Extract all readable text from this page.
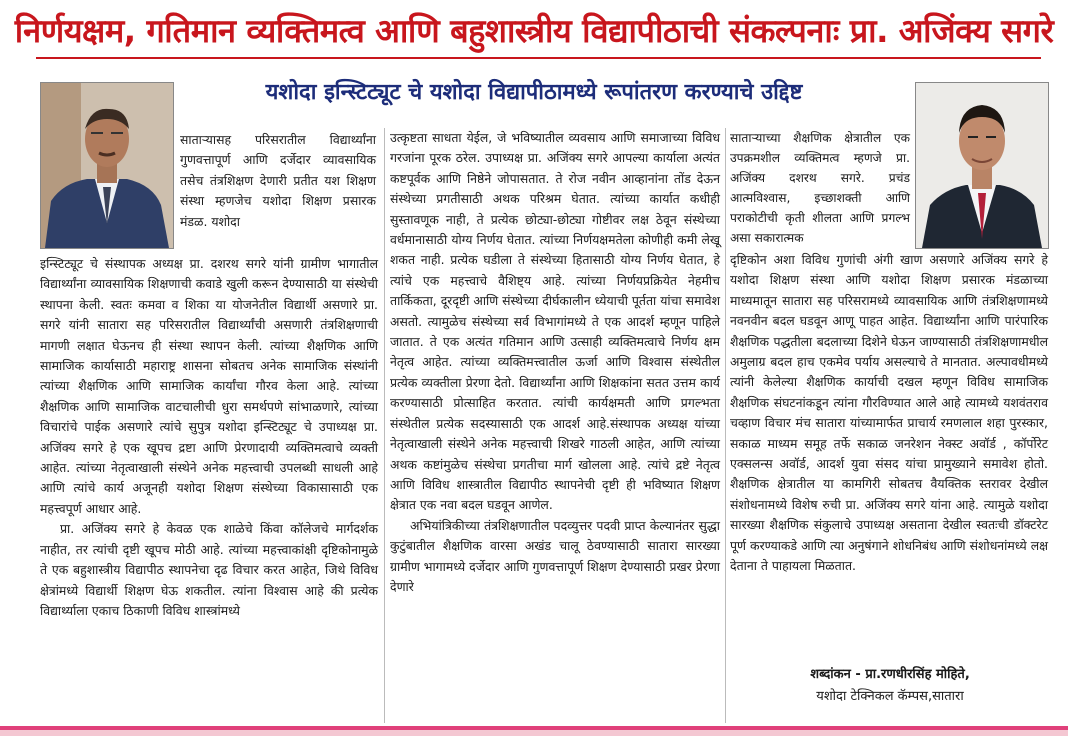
निर्णयक्षम, गतिमान व्यक्तिमत्व आणि बहुशास्त्रीय विद्यापीठाची संकल्पनाः प्रा. अजिंक्य सगरे
यशोदा इन्स्टिट्यूट चे यशोदा विद्यापीठामध्ये रूपांतरण करण्याचे उद्दिष्ट

साताऱ्यासह परिसरातील विद्यार्थ्यांना गुणवत्तापूर्ण आणि दर्जेदार व्यावसायिक तसेच तंत्रशिक्षण देणारी प्रतीत यश शिक्षण संस्था म्हणजेच यशोदा शिक्षण प्रसारक मंडळ. यशोदा

इन्स्टिट्यूट चे संस्थापक अध्यक्ष प्रा. दशरथ सगरे यांनी ग्रामीण भागातील विद्यार्थ्यांना व्यावसायिक शिक्षणाची कवाडे खुली करून देण्यासाठी या संस्थेची स्थापना केली. स्वतः कमवा व शिका या योजनेतील विद्यार्थी असणारे प्रा. सगरे यांनी सातारा सह परिसरातील विद्यार्थ्यांची असणारी तंत्रशिक्षणाची मागणी लक्षात घेऊनच ही संस्था स्थापन केली. त्यांच्या शैक्षणिक आणि सामाजिक कार्यासाठी महाराष्ट्र शासना सोबतच अनेक सामाजिक संस्थांनी त्यांच्या शैक्षणिक आणि सामाजिक कार्यांचा गौरव केला आहे. त्यांच्या शैक्षणिक आणि सामाजिक वाटचालीची धुरा समर्थपणे सांभाळणारे, त्यांच्या विचारांचे पाईक असणारे त्यांचे सुपुत्र यशोदा इन्स्टिट्यूट चे उपाध्यक्ष प्रा. अजिंक्य सगरे हे एक खूपच द्रष्टा आणि प्रेरणादायी व्यक्तिमत्वाचे व्यक्ती आहेत. त्यांच्या नेतृत्वाखाली संस्थेने अनेक महत्त्वाची उपलब्धी साधली आहे आणि त्यांचे कार्य अजूनही यशोदा शिक्षण संस्थेच्या विकासासाठी एक महत्त्वपूर्ण आधार आहे.

प्रा. अजिंक्य सगरे हे केवळ एक शाळेचे किंवा कॉलेजचे मार्गदर्शक नाहीत, तर त्यांची दृष्टी खूपच मोठी आहे. त्यांच्या महत्त्वाकांक्षी दृष्टिकोनामुळे ते एक बहुशास्त्रीय विद्यापीठ स्थापनेचा दृढ विचार करत आहेत, जिथे विविध क्षेत्रांमध्ये विद्यार्थी शिक्षण घेऊ शकतील. त्यांना विश्वास आहे की प्रत्येक विद्यार्थ्याला एकाच ठिकाणी विविध शास्त्रांमध्ये

उत्कृष्टता साधता येईल, जे भविष्यातील व्यवसाय आणि समाजाच्या विविध गरजांना पूरक ठरेल. उपाध्यक्ष प्रा. अजिंक्य सगरे आपल्या कार्याला अत्यंत कष्टपूर्वक आणि निष्ठेने जोपासतात. ते रोज नवीन आव्हानांना तोंड देऊन संस्थेच्या प्रगतीसाठी अथक परिश्रम घेतात. त्यांच्या कार्यात कधीही सुस्तावणूक नाही, ते प्रत्येक छोट्या-छोट्या गोष्टीवर लक्ष ठेवून संस्थेच्या वर्धमानासाठी योग्य निर्णय घेतात. त्यांच्या निर्णयक्षमतेला कोणीही कमी लेखू शकत नाही. प्रत्येक घडीला ते संस्थेच्या हितासाठी योग्य निर्णय घेतात, हे त्यांचे एक महत्त्वाचे वैशिष्ट्य आहे. त्यांच्या निर्णयप्रक्रियेत नेहमीच तार्किकता, दूरदृष्टी आणि संस्थेच्या दीर्घकालीन ध्येयाची पूर्तता यांचा समावेश असतो. त्यामुळेच संस्थेच्या सर्व विभागांमध्ये ते एक आदर्श म्हणून पाहिले जातात. ते एक अत्यंत गतिमान आणि उत्साही व्यक्तिमत्वाचे निर्णय क्षम नेतृत्व आहेत. त्यांच्या व्यक्तिमत्त्वातील ऊर्जा आणि विश्वास संस्थेतील प्रत्येक व्यक्तीला प्रेरणा देतो. विद्यार्थ्यांना आणि शिक्षकांना सतत उत्तम कार्य करण्यासाठी प्रोत्साहित करतात. त्यांची कार्यक्षमती आणि प्रगल्भता संस्थेतील प्रत्येक सदस्यासाठी एक आदर्श आहे.संस्थापक अध्यक्ष यांच्या नेतृत्वाखाली संस्थेने अनेक महत्त्वाची शिखरे गाठली आहेत, आणि त्यांच्या अथक कष्टांमुळेच संस्थेचा प्रगतीचा मार्ग खोलला आहे. त्यांचे द्रष्टे नेतृत्व आणि विविध शास्त्रातील विद्यापीठ स्थापनेची दृष्टी ही भविष्यात शिक्षण क्षेत्रात एक नवा बदल घडवून आणेल.

अभियांत्रिकीच्या तंत्रशिक्षणातील पदव्युत्तर पदवी प्राप्त केल्यानंतर सुद्धा कुटुंबातील शैक्षणिक वारसा अखंड चालू ठेवण्यासाठी सातारा सारख्या ग्रामीण भागामध्ये दर्जेदार आणि गुणवत्तापूर्ण शिक्षण देण्यासाठी प्रखर प्रेरणा देणारे

साताऱ्याच्या शैक्षणिक क्षेत्रातील एक उपक्रमशील व्यक्तिमत्व म्हणजे प्रा. अजिंक्य दशरथ सगरे. प्रचंड आत्मविश्वास, इच्छाशक्ती आणि पराकोटीची कृती शीलता आणि प्रगल्भ असा सकारात्मक

दृष्टिकोन अशा विविध गुणांची अंगी खाण असणारे अजिंक्य सगरे हे यशोदा शिक्षण संस्था आणि यशोदा शिक्षण प्रसारक मंडळाच्या माध्यमातून सातारा सह परिसरामध्ये व्यावसायिक आणि तंत्रशिक्षणामध्ये नवनवीन बदल घडवून आणू पाहत आहेत. विद्यार्थ्यांना आणि पारंपारिक शैक्षणिक पद्धतीला बदलाच्या दिशेने घेऊन जाण्यासाठी तंत्रशिक्षणामधील अमुलाग्र बदल हाच एकमेव पर्याय असल्याचे ते मानतात. अल्पावधीमध्ये त्यांनी केलेल्या शैक्षणिक कार्याची दखल म्हणून विविध सामाजिक शैक्षणिक संघटनांकडून त्यांना गौरविण्यात आले आहे त्यामध्ये यशवंतराव चव्हाण विचार मंच सातारा यांच्यामार्फत प्राचार्य रमणलाल शहा पुरस्कार, सकाळ माध्यम समूह तर्फे सकाळ जनरेशन नेक्स्ट अवॉर्ड , कॉर्पोरेट एक्सलन्स अवॉर्ड, आदर्श युवा संसद यांचा प्रामुख्याने समावेश होतो. शैक्षणिक क्षेत्रातील या कामगिरी सोबतच वैयक्तिक स्तरावर देखील संशोधनामध्ये विशेष रुची प्रा. अजिंक्य सगरे यांना आहे. त्यामुळे यशोदा सारख्या शैक्षणिक संकुलाचे उपाध्यक्ष असताना देखील स्वतःची डॉक्टरेट पूर्ण करण्याकडे आणि त्या अनुषंगाने शोधनिबंध आणि संशोधनांमध्ये लक्ष देताना ते पाहायला मिळतात.

शब्दांकन - प्रा.रणधीरसिंह मोहिते,
यशोदा टेक्निकल कॅम्पस,सातारा
